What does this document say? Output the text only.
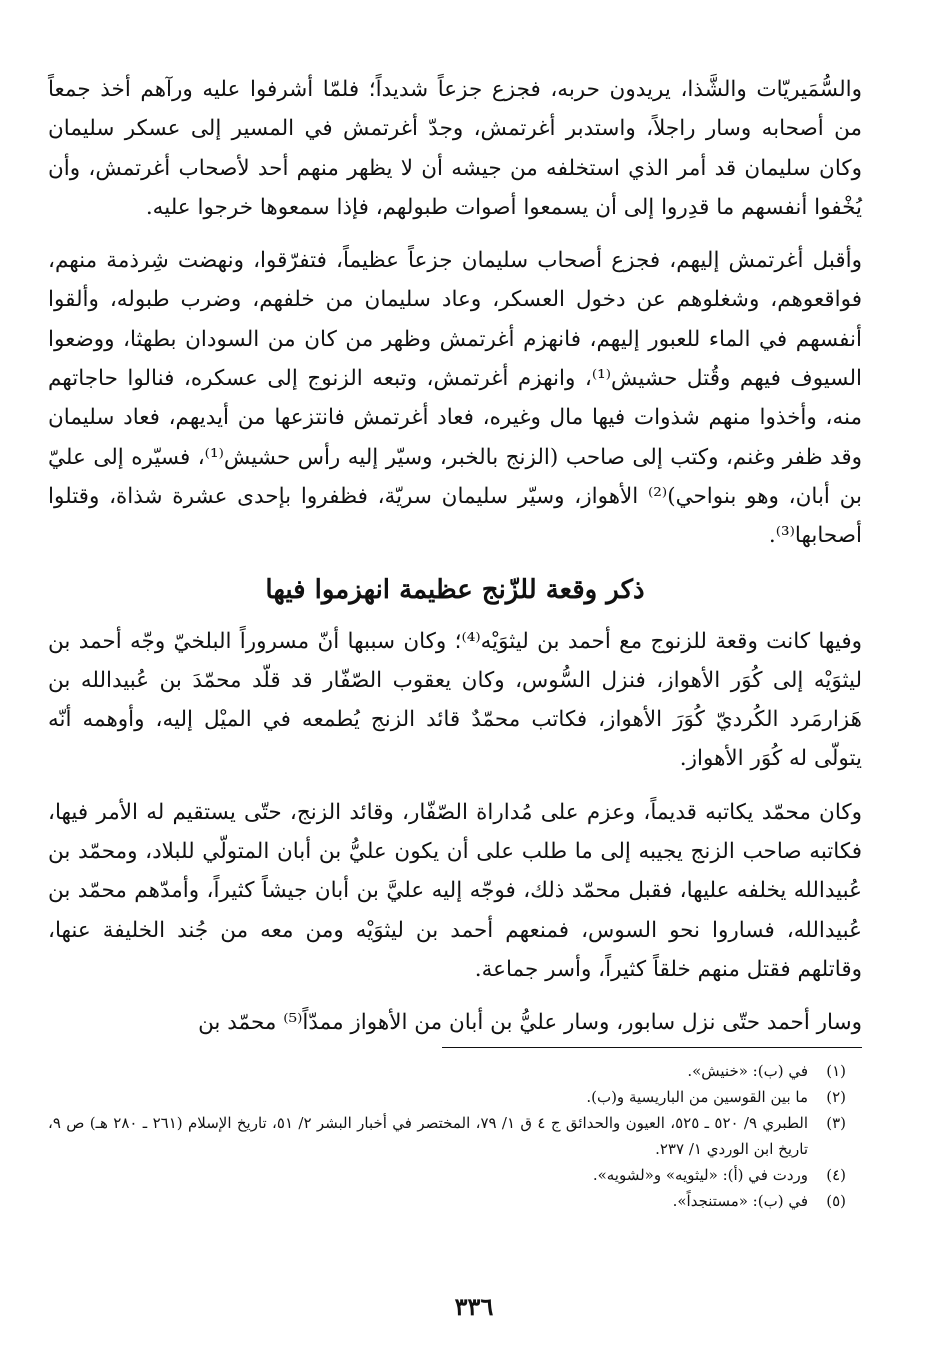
والسُّمَيريّات والشَّذا، يريدون حربه، فجزع جزعاً شديداً؛ فلمّا أشرفوا عليه ورآهم أخذ جمعاً من أصحابه وسار راجلاً، واستدبر أغرتمش، وجدّ أغرتمش في المسير إلى عسكر سليمان وكان سليمان قد أمر الذي استخلفه من جيشه أن لا يظهر منهم أحد لأصحاب أغرتمش، وأن يُخْفوا أنفسهم ما قدِروا إلى أن يسمعوا أصوات طبولهم، فإذا سمعوها خرجوا عليه.

وأقبل أغرتمش إليهم، فجزع أصحاب سليمان جزعاً عظيماً، فتفرّقوا، ونهضت شِرذمة منهم، فواقعوهم، وشغلوهم عن دخول العسكر، وعاد سليمان من خلفهم، وضرب طبوله، وألقوا أنفسهم في الماء للعبور إليهم، فانهزم أغرتمش وظهر من كان من السودان بطهثا، ووضعوا السيوف فيهم وقُتل حشيش⁽¹⁾، وانهزم أغرتمش، وتبعه الزنوج إلى عسكره، فنالوا حاجاتهم منه، وأخذوا منهم شذوات فيها مال وغيره، فعاد أغرتمش فانتزعها من أيديهم، فعاد سليمان وقد ظفر وغنم، وكتب إلى صاحب (الزنج بالخبر، وسيّر إليه رأس حشيش⁽¹⁾، فسيّره إلى عليّ بن أبان، وهو بنواحي)⁽²⁾ الأهواز، وسيّر سليمان سريّة، فظفروا بإحدى عشرة شذاة، وقتلوا أصحابها⁽³⁾.

ذكر وقعة للزّنج عظيمة انهزموا فيها

وفيها كانت وقعة للزنوج مع أحمد بن ليثوَيْه⁽⁴⁾؛ وكان سببها أنّ مسروراً البلخيّ وجّه أحمد بن ليثوَيْه إلى كُوَر الأهواز، فنزل السُّوس، وكان يعقوب الصّفّار قد قلّد محمّدَ بن عُبيدالله بن هَزارمَرد الكُرديّ كُوَرَ الأهواز، فكاتب محمّدٌ قائد الزنج يُطمعه في الميْل إليه، وأوهمه أنّه يتولّى له كُوَر الأهواز.

وكان محمّد يكاتبه قديماً، وعزم على مُداراة الصّفّار، وقائد الزنج، حتّى يستقيم له الأمر فيها، فكاتبه صاحب الزنج يجيبه إلى ما طلب على أن يكون عليُّ بن أبان المتولّي للبلاد، ومحمّد بن عُبيدالله يخلفه عليها، فقبل محمّد ذلك، فوجّه إليه عليَّ بن أبان جيشاً كثيراً، وأمدّهم محمّد بن عُبيدالله، فساروا نحو السوس، فمنعهم أحمد بن ليثوَيْه ومن معه من جُند الخليفة عنها، وقاتلهم فقتل منهم خلقاً كثيراً، وأسر جماعة.

وسار أحمد حتّى نزل سابور، وسار عليُّ بن أبان من الأهواز ممدّاً⁽⁵⁾ محمّد بن

(١)
في (ب): «خنيش».
(٢)
ما بين القوسين من الباريسية و(ب).
(٣)
الطبري ٩/ ٥٢٠ ـ ٥٢٥، العيون والحدائق ج ٤ ق ١/ ٧٩، المختصر في أخبار البشر ٢/ ٥١، تاريخ الإسلام (٢٦١ ـ ٢٨٠ هـ) ص ٩، تاريخ ابن الوردي ١/ ٢٣٧.
(٤)
وردت في (أ): «ليثويه» و«لشويه».
(٥)
في (ب): «مستنجداً».
٣٣٦
